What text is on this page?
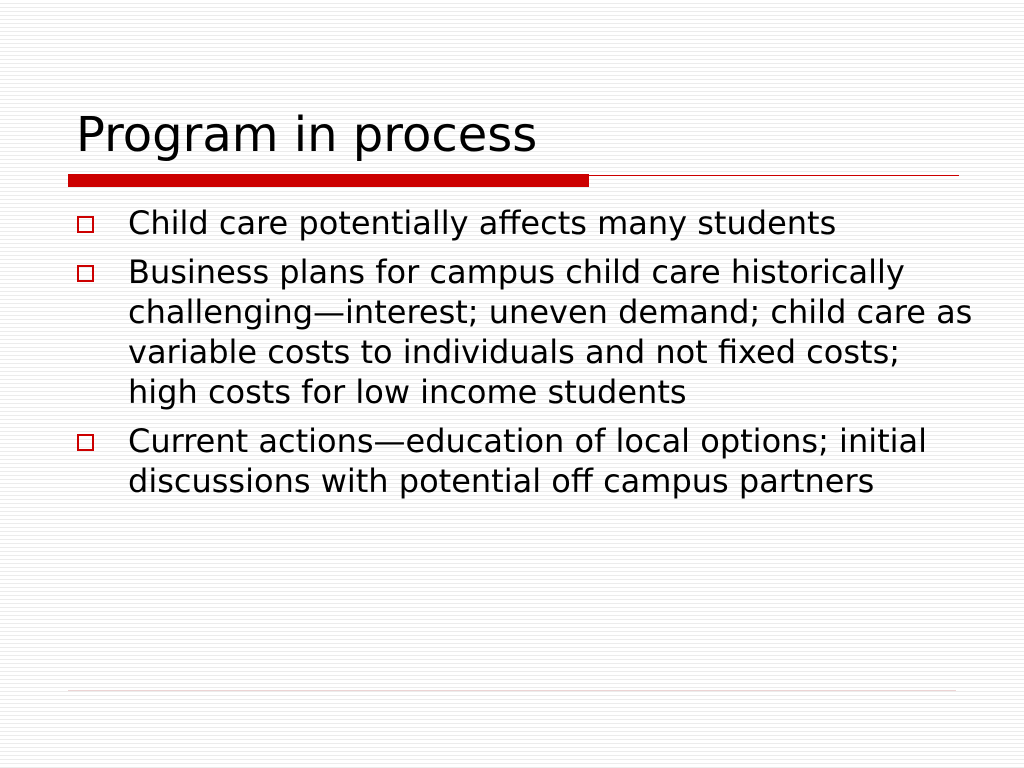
Program in process
Child care potentially affects many students
Business plans for campus child care historically challenging—interest; uneven demand; child care as variable costs to individuals and not fixed costs; high costs for low income students
Current actions—education of local options; initial discussions with potential off campus partners
